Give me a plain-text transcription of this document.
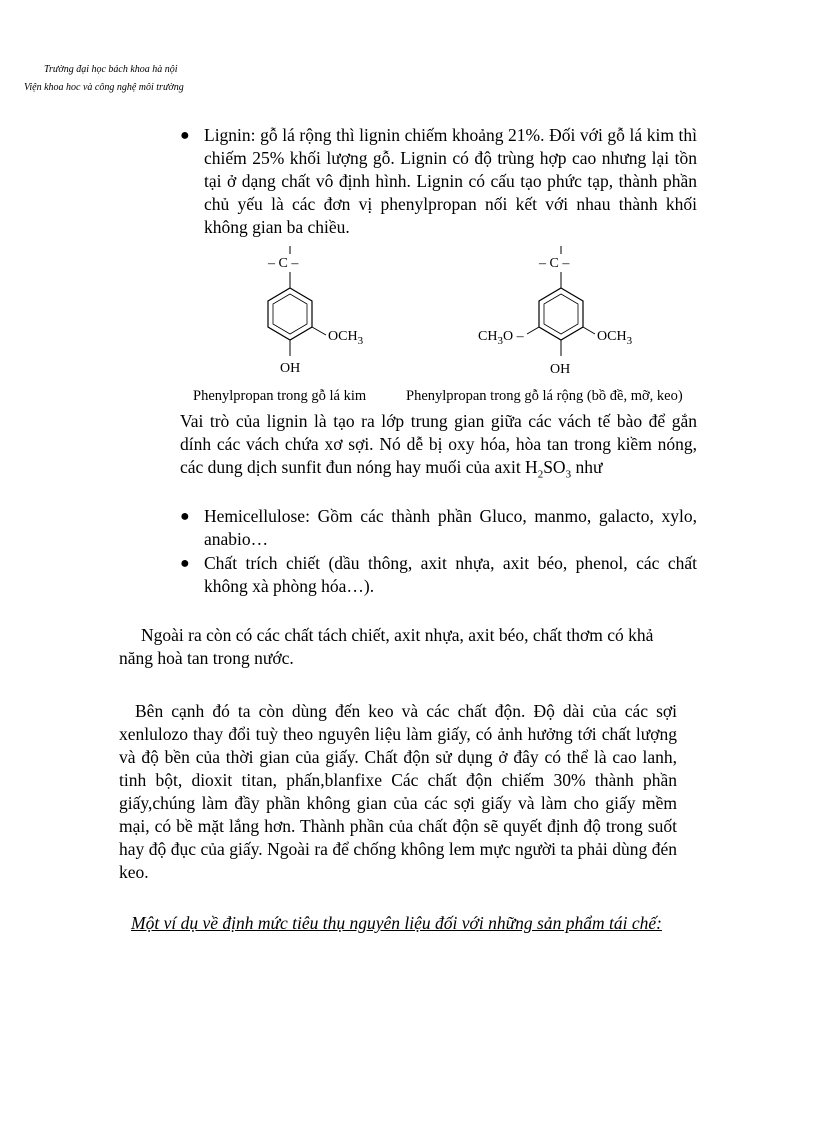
Trường đại học bách khoa hà nội
Viện khoa hoc và công nghệ môi trường
● Lignin: gỗ lá rộng thì lignin chiếm khoảng 21%. Đối với gỗ lá kim thì chiếm 25% khối lượng gỗ. Lignin có độ trùng hợp cao nhưng lại tồn tại ở dạng chất vô định hình. Lignin có cấu tạo phức tạp, thành phần chủ yếu là các đơn vị phenylpropan nối kết với nhau thành khối không gian ba chiều.
– C –
$OCH_3$
OH
– C –
$OCH_3$
$CH_3O$ –
OH
Phenylpropan trong gỗ lá kim	Phenylpropan trong gỗ lá rộng (bồ đề, mỡ, keo)
Vai trò của lignin là tạo ra lớp trung gian giữa các vách tế bào để gắn dính các vách chứa xơ sợi. Nó dễ bị oxy hóa, hòa tan trong kiềm nóng, các dung dịch sunfit đun nóng hay muối của axit $H_2SO_3$ như
● Hemicellulose: Gồm các thành phần Gluco, manmo, galacto, xylo, anabio…
● Chất trích chiết (dầu thông, axit nhựa, axit béo, phenol, các chất không xà phòng hóa…).
Ngoài ra còn có các chất tách chiết, axit nhựa, axit béo, chất thơm có khả năng hoà tan trong nước.
Bên cạnh đó ta còn dùng đến keo và các chất độn. Độ dài của các sợi xenlulozo thay đổi tuỳ theo nguyên liệu làm giấy, có ảnh hưởng tới chất lượng và độ bền của thời gian của giấy. Chất độn sử dụng ở đây có thể là cao lanh, tinh bột, dioxit titan, phấn,blanfixe Các chất độn chiếm 30% thành phần giấy,chúng làm đầy phần không gian của các sợi giấy và làm cho giấy mềm mại, có bề mặt lắng hơn. Thành phần của chất độn sẽ quyết định độ trong suốt hay độ đục của giấy. Ngoài ra để chống không lem mực người ta phải dùng đén keo.
Một ví dụ về định mức tiêu thụ nguyên liệu đối với những sản phẩm tái chế:
